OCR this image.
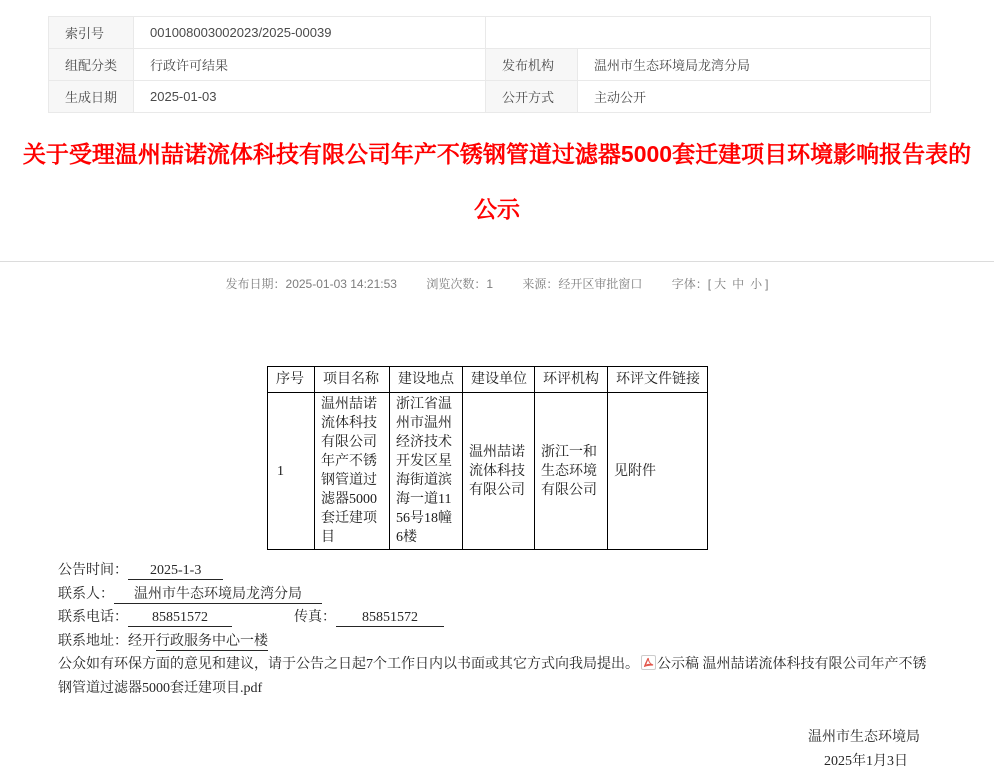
索引号	001008003002023/2025-00039		
组配分类	行政许可结果	发布机构	温州市生态环境局龙湾分局
生成日期	2025-01-03	公开方式	主动公开
关于受理温州喆诺流体科技有限公司年产不锈钢管道过滤器5000套迁建项目环境影响报告表的
公示
发布日期：2025-01-03 14:21:53 浏览次数：1 来源：经开区审批窗口 字体：[ 大 中 小 ]
序号	项目名称	建设地点	建设单位	环评机构	环评文件链接
1	温州喆诺流体科技有限公司年产不锈钢管道过滤器5000套迁建项目	浙江省温州市温州经济技术开发区星海街道滨海一道1156号18幢6楼	温州喆诺流体科技有限公司	浙江一和生态环境有限公司	见附件
公告时间： 2025-1-3
联系人： 温州市牛态环境局龙湾分局
联系电话： 85851572	传真： 85851572
联系地址：经开行政服务中心一楼
公众如有环保方面的意见和建议，请于公告之日起7个工作日内以书面或其它方式向我局提出。 公示稿 温州喆诺流体科技有限公司年产不锈钢管道过滤器5000套迁建项目.pdf
温州市生态环境局
2025年1月3日
